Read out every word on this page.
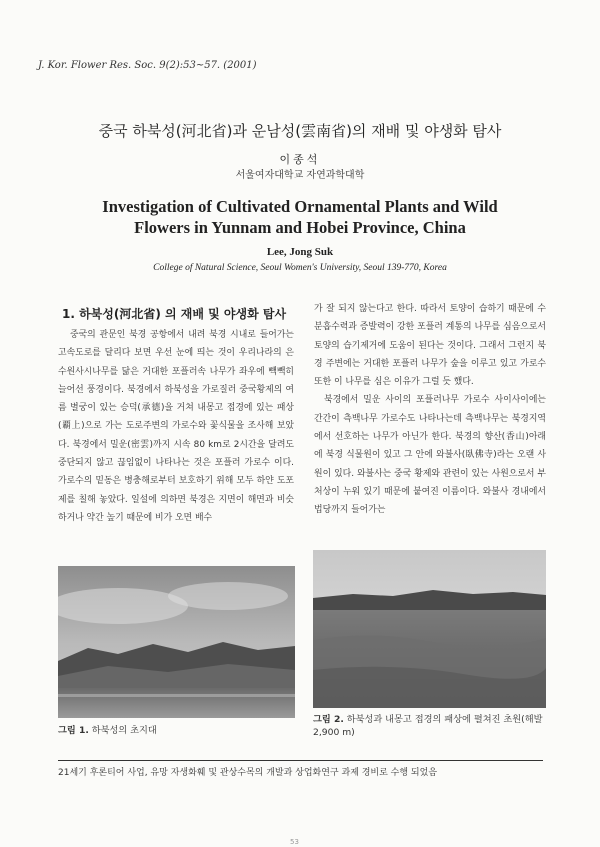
J. Kor. Flower Res. Soc. 9(2):53~57. (2001)
중국 하북성(河北省)과 운남성(雲南省)의 재배 및 야생화 탐사
이종석
서울여자대학교 자연과학대학
Investigation of Cultivated Ornamental Plants and Wild
Flowers in Yunnam and Hobei Province, China
Lee, Jong Suk
College of Natural Science, Seoul Women's University, Seoul 139-770, Korea
1. 하북성(河北省) 의 재배 및 야생화 탐사
중국의 관문인 북경 공항에서 내려 북경 시내로 들어가는 고속도로를 달리다 보면 우선 눈에 띄는 것이 우리나라의 은수원사시나무를 닮은 거대한 포플러속 나무가 좌우에 빽빽히 늘어선 풍경이다. 북경에서 하북성을 가로질러 중국황제의 여름 별궁이 있는 승덕(承德)을 거쳐 내몽고 접경에 있는 패상(覇上)으로 가는 도로주변의 가로수와 꽃식물을 조사해 보았다. 북경에서 밀운(密雲)까지 시속 80 km로 2시간을 달려도 중단되지 않고 끊임없이 나타나는 것은 포플러 가로수 이다. 가로수의 밑동은 병충해로부터 보호하기 위해 모두 하얀 도포제를 칠해 놓았다. 일설에 의하면 북경은 지면이 해면과 비슷하거나 약간 높기 때문에 비가 오면 배수

가 잘 되지 않는다고 한다. 따라서 토양이 습하기 때문에 수분흡수력과 증발력이 강한 포플러 계통의 나무를 심음으로서 토양의 습기제거에 도움이 된다는 것이다. 그래서 그런지 북경 주변에는 거대한 포플러 나무가 숲을 이루고 있고 가로수 또한 이 나무를 심은 이유가 그럴 듯 했다.

북경에서 밀운 사이의 포플러나무 가로수 사이사이에는 간간이 측백나무 가로수도 나타나는데 측백나무는 북경지역에서 선호하는 나무가 아닌가 한다. 북경의 향산(香山)아래에 북경 식물원이 있고 그 안에 와불사(臥佛寺)라는 오랜 사원이 있다. 와불사는 중국 황제와 관련이 있는 사원으로서 부처상이 누워 있기 때문에 붙여진 이름이다. 와불사 경내에서 법당까지 들어가는

그림 1. 하북성의 초지대
그림 2. 하북성과 내몽고 접경의 패상에 펼쳐진 초원(해발 2,900 m)
21세기 후론티어 사업, 유망 자생화훼 및 관상수목의 개발과 상업화연구 과제 경비로 수행 되었음
53
